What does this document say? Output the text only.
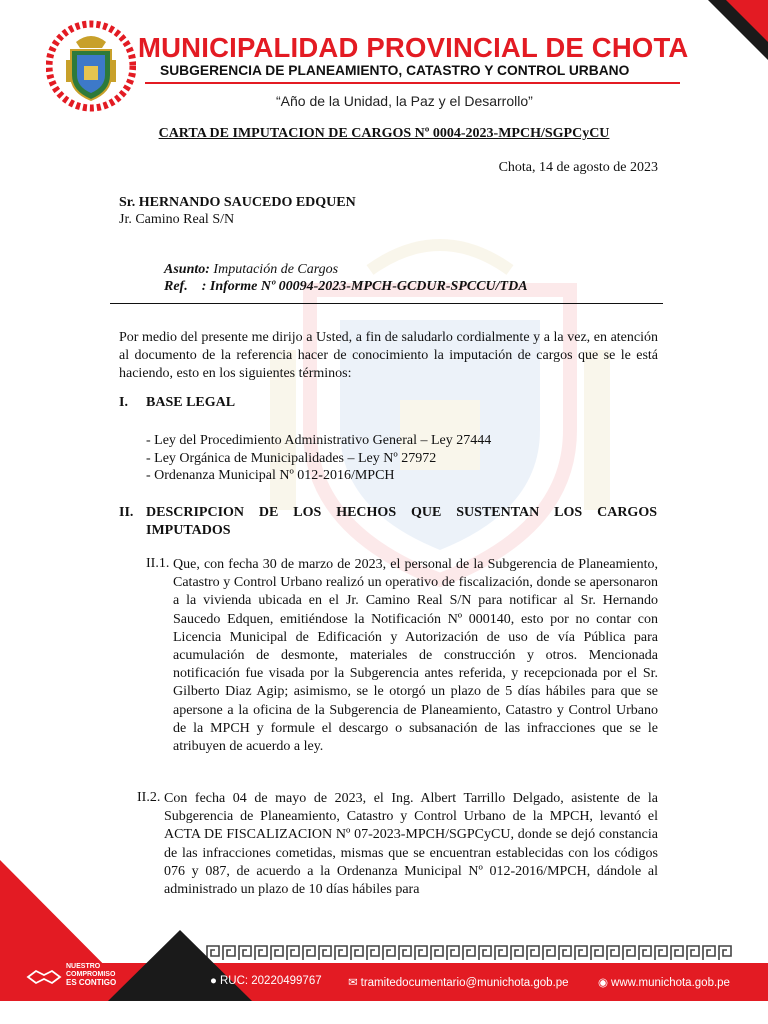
MUNICIPALIDAD PROVINCIAL DE CHOTA
SUBGERENCIA DE PLANEAMIENTO, CATASTRO Y CONTROL URBANO
“Año de la Unidad, la Paz y el Desarrollo”
CARTA DE IMPUTACION DE CARGOS Nº 0004-2023-MPCH/SGPCyCU
Chota, 14 de agosto de 2023
Sr. HERNANDO SAUCEDO EDQUEN
Jr. Camino Real S/N
Asunto: Imputación de Cargos
Ref. : Informe Nº 00094-2023-MPCH-GCDUR-SPCCU/TDA
Por medio del presente me dirijo a Usted, a fin de saludarlo cordialmente y a la vez, en atención al documento de la referencia hacer de conocimiento la imputación de cargos que se le está haciendo, esto en los siguientes términos:
I. BASE LEGAL
- Ley del Procedimiento Administrativo General – Ley 27444
- Ley Orgánica de Municipalidades – Ley Nº 27972
- Ordenanza Municipal Nº 012-2016/MPCH
II. DESCRIPCION DE LOS HECHOS QUE SUSTENTAN LOS CARGOS IMPUTADOS
II.1. Que, con fecha 30 de marzo de 2023, el personal de la Subgerencia de Planeamiento, Catastro y Control Urbano realizó un operativo de fiscalización, donde se apersonaron a la vivienda ubicada en el Jr. Camino Real S/N para notificar al Sr. Hernando Saucedo Edquen, emitiéndose la Notificación Nº 000140, esto por no contar con Licencia Municipal de Edificación y Autorización de uso de vía Pública para acumulación de desmonte, materiales de construcción y otros. Mencionada notificación fue visada por la Subgerencia antes referida, y recepcionada por el Sr. Gilberto Diaz Agip; asimismo, se le otorgó un plazo de 5 días hábiles para que se apersone a la oficina de la Subgerencia de Planeamiento, Catastro y Control Urbano de la MPCH y formule el descargo o subsanación de las infracciones que se le atribuyen de acuerdo a ley.
II.2. Con fecha 04 de mayo de 2023, el Ing. Albert Tarrillo Delgado, asistente de la Subgerencia de Planeamiento, Catastro y Control Urbano de la MPCH, levantó el ACTA DE FISCALIZACION Nº 07-2023-MPCH/SGPCyCU, donde se dejó constancia de las infracciones cometidas, mismas que se encuentran establecidas con los códigos 076 y 087, de acuerdo a la Ordenanza Municipal Nº 012-2016/MPCH, dándole al administrado un plazo de 10 días hábiles para
NUESTRO
COMPROMISO
ES CONTIGO	● RUC: 20220499767 ✉ tramitedocumentario@munichota.gob.pe	◉ www.munichota.gob.pe
